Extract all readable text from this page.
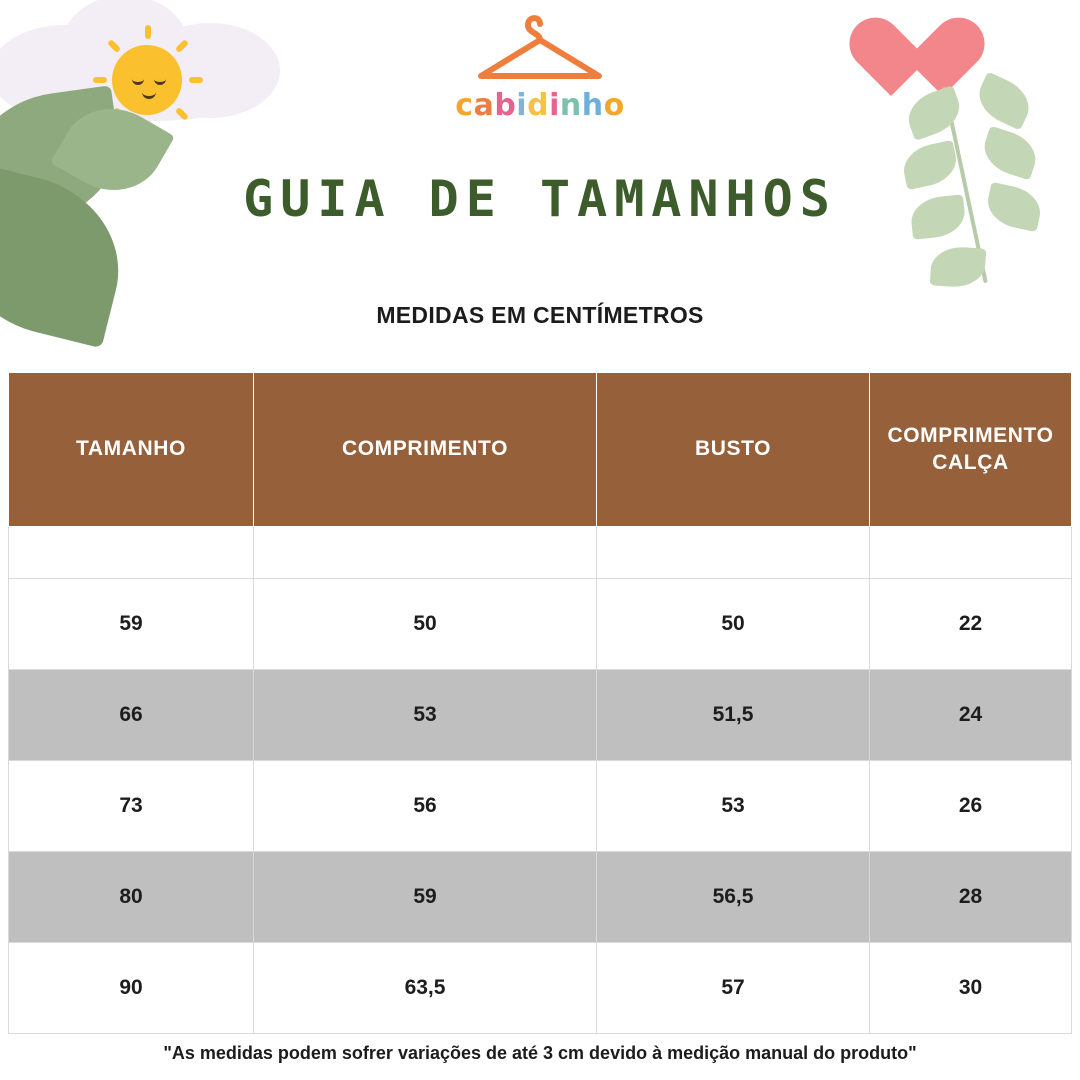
cabidinho
GUIA DE TAMANHOS
MEDIDAS EM CENTÍMETROS
TAMANHO	COMPRIMENTO	BUSTO	COMPRIMENTO CALÇA

59	50	50	22
66	53	51,5	24
73	56	53	26
80	59	56,5	28
90	63,5	57	30
"As medidas podem sofrer variações de até 3 cm devido à medição manual do produto"
